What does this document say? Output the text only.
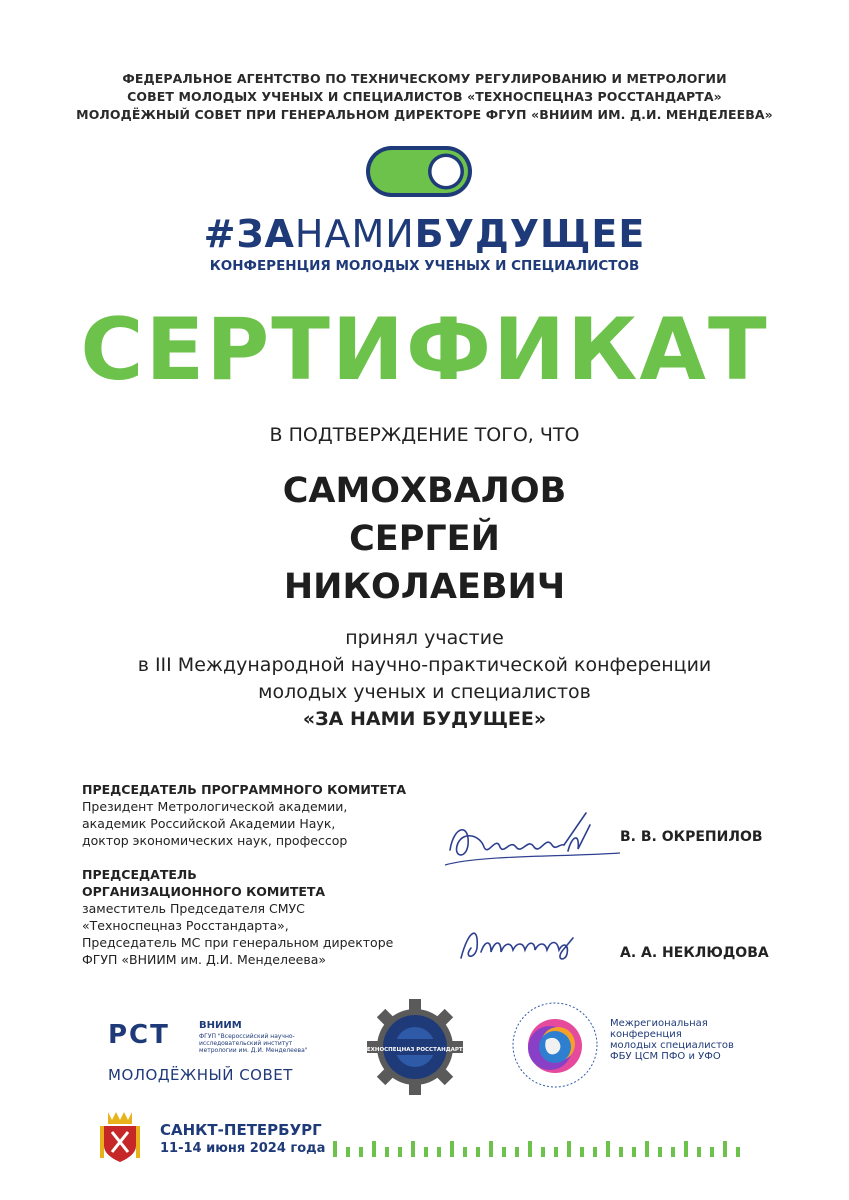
ФЕДЕРАЛЬНОЕ АГЕНТСТВО ПО ТЕХНИЧЕСКОМУ РЕГУЛИРОВАНИЮ И МЕТРОЛОГИИ
СОВЕТ МОЛОДЫХ УЧЕНЫХ И СПЕЦИАЛИСТОВ «ТЕХНОСПЕЦНАЗ РОССТАНДАРТА»
МОЛОДЁЖНЫЙ СОВЕТ ПРИ ГЕНЕРАЛЬНОМ ДИРЕКТОРЕ ФГУП «ВНИИМ ИМ. Д.И. МЕНДЕЛЕЕВА»
#ЗАНАМИБУДУЩЕЕ
КОНФЕРЕНЦИЯ МОЛОДЫХ УЧЕНЫХ И СПЕЦИАЛИСТОВ
СЕРТИФИКАТ
В ПОДТВЕРЖДЕНИЕ ТОГО, ЧТО
САМОХВАЛОВ
СЕРГЕЙ
НИКОЛАЕВИЧ
принял участие
в III Международной научно-практической конференции
молодых ученых и специалистов
«ЗА НАМИ БУДУЩЕЕ»
ПРЕДСЕДАТЕЛЬ ПРОГРАММНОГО КОМИТЕТА
Президент Метрологической академии,
академик Российской Академии Наук,
доктор экономических наук, профессор	В. В. ОКРЕПИЛОВ
ПРЕДСЕДАТЕЛЬ
ОРГАНИЗАЦИОННОГО КОМИТЕТА
заместитель Председателя СМУС
«Техноспецназ Росстандарта»,
Председатель МС при генеральном директоре
ФГУП «ВНИИМ им. Д.И. Менделеева»	А. А. НЕКЛЮДОВА
РСТ	ВНИИМ
ФГУП "Всероссийский научно-исследовательский институт метрологии им. Д.И. Менделеева"
МОЛОДЁЖНЫЙ СОВЕТ
ТЕХНОСПЕЦНАЗ РОССТАНДАРТА
Межрегиональная
конференция
молодых специалистов
ФБУ ЦСМ ПФО и УФО
САНКТ-ПЕТЕРБУРГ
11-14 июня 2024 года
